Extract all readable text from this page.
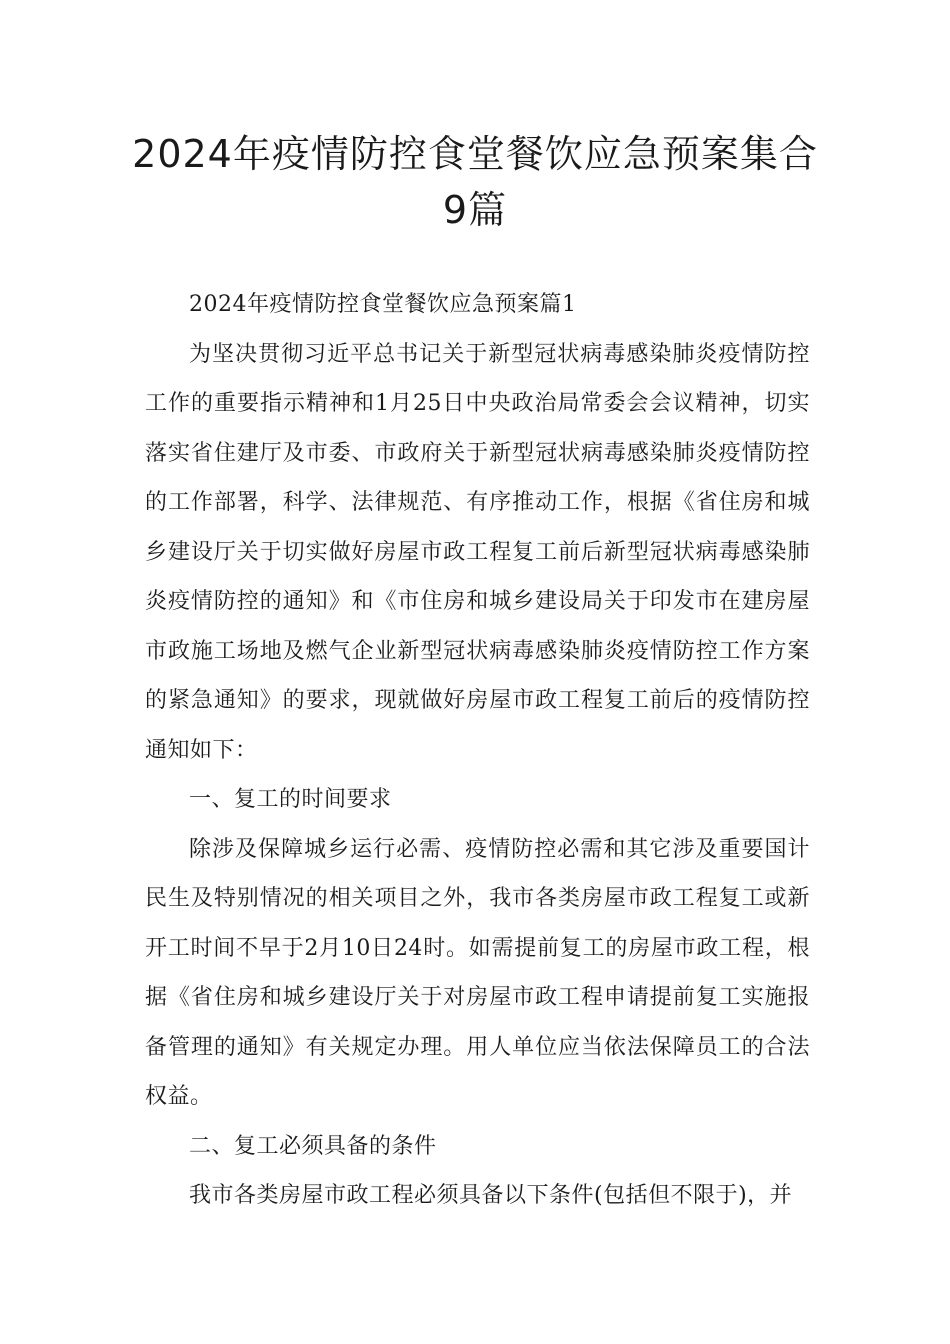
2024年疫情防控食堂餐饮应急预案集合
9篇

2024年疫情防控食堂餐饮应急预案篇1

为坚决贯彻习近平总书记关于新型冠状病毒感染肺炎疫情防控工作的重要指示精神和1月25日中央政治局常委会会议精神，切实落实省住建厅及市委、市政府关于新型冠状病毒感染肺炎疫情防控的工作部署，科学、法律规范、有序推动工作，根据《省住房和城乡建设厅关于切实做好房屋市政工程复工前后新型冠状病毒感染肺炎疫情防控的通知》和《市住房和城乡建设局关于印发市在建房屋市政施工场地及燃气企业新型冠状病毒感染肺炎疫情防控工作方案的紧急通知》的要求，现就做好房屋市政工程复工前后的疫情防控通知如下：

一、复工的时间要求

除涉及保障城乡运行必需、疫情防控必需和其它涉及重要国计民生及特别情况的相关项目之外，我市各类房屋市政工程复工或新开工时间不早于2月10日24时。如需提前复工的房屋市政工程，根据《省住房和城乡建设厅关于对房屋市政工程申请提前复工实施报备管理的通知》有关规定办理。用人单位应当依法保障员工的合法权益。

二、复工必须具备的条件

我市各类房屋市政工程必须具备以下条件(包括但不限于)，并
